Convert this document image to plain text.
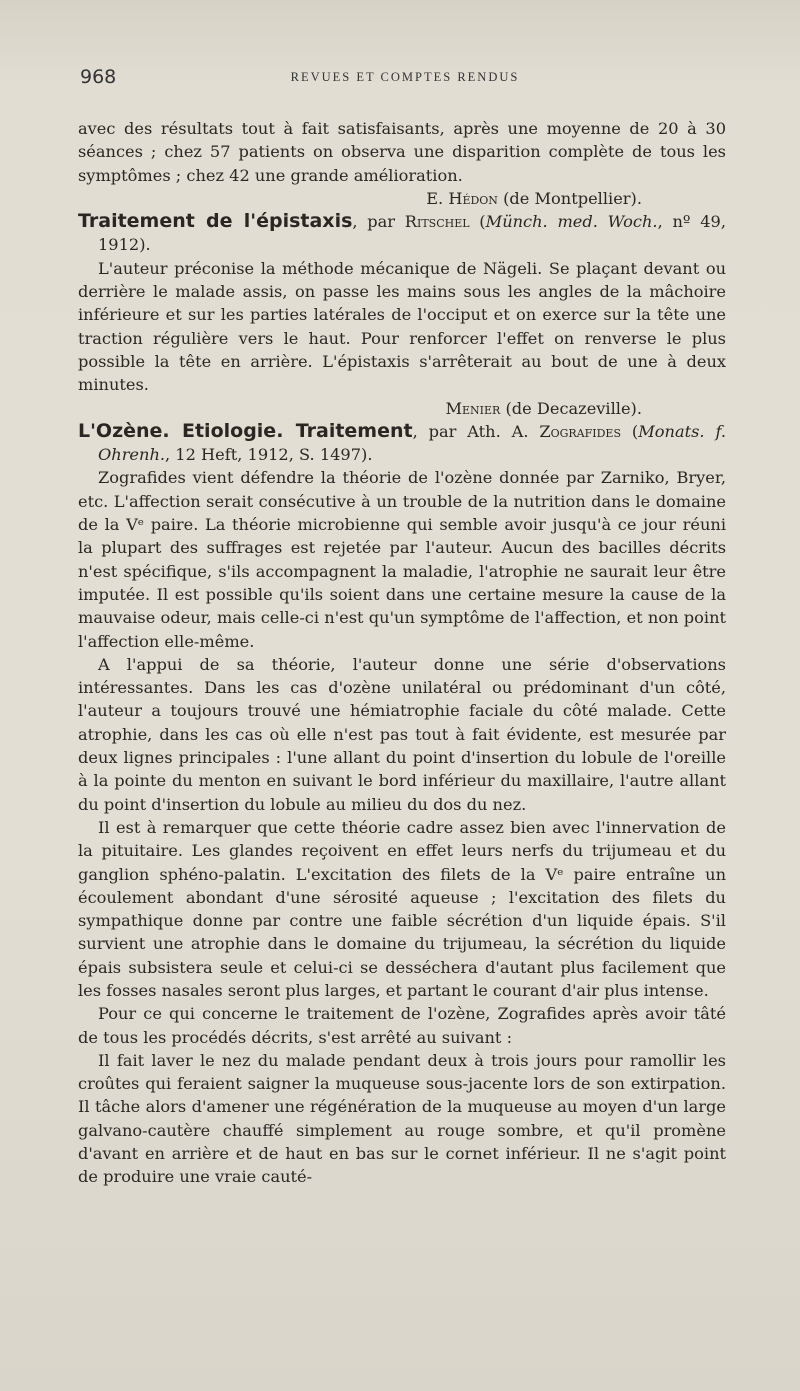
968	REVUES ET COMPTES RENDUS

avec des résultats tout à fait satisfaisants, après une moyenne de 20 à 30 séances ; chez 57 patients on observa une disparition complète de tous les symptômes ; chez 42 une grande amélioration.

E. Hédon (de Montpellier).

Traitement de l'épistaxis, par Ritschel (Münch. med. Woch., nº 49, 1912).

L'auteur préconise la méthode mécanique de Nägeli. Se plaçant devant ou derrière le malade assis, on passe les mains sous les angles de la mâchoire inférieure et sur les parties latérales de l'occiput et on exerce sur la tête une traction régulière vers le haut. Pour renforcer l'effet on renverse le plus possible la tête en arrière. L'épistaxis s'arrêterait au bout de une à deux minutes.

Menier (de Decazeville).

L'Ozène. Etiologie. Traitement, par Ath. A. Zografides (Monats. f. Ohrenh., 12 Heft, 1912, S. 1497).

Zografides vient défendre la théorie de l'ozène donnée par Zarniko, Bryer, etc. L'affection serait consécutive à un trouble de la nutrition dans le domaine de la Vᵉ paire. La théorie microbienne qui semble avoir jusqu'à ce jour réuni la plupart des suffrages est rejetée par l'auteur. Aucun des bacilles décrits n'est spécifique, s'ils accompagnent la maladie, l'atrophie ne saurait leur être imputée. Il est possible qu'ils soient dans une certaine mesure la cause de la mauvaise odeur, mais celle-ci n'est qu'un symptôme de l'affection, et non point l'affection elle-même.

A l'appui de sa théorie, l'auteur donne une série d'observations intéressantes. Dans les cas d'ozène unilatéral ou prédominant d'un côté, l'auteur a toujours trouvé une hémiatrophie faciale du côté malade. Cette atrophie, dans les cas où elle n'est pas tout à fait évidente, est mesurée par deux lignes principales : l'une allant du point d'insertion du lobule de l'oreille à la pointe du menton en suivant le bord inférieur du maxillaire, l'autre allant du point d'insertion du lobule au milieu du dos du nez.

Il est à remarquer que cette théorie cadre assez bien avec l'innervation de la pituitaire. Les glandes reçoivent en effet leurs nerfs du trijumeau et du ganglion sphéno-palatin. L'excitation des filets de la Vᵉ paire entraîne un écoulement abondant d'une sérosité aqueuse ; l'excitation des filets du sympathique donne par contre une faible sécrétion d'un liquide épais. S'il survient une atrophie dans le domaine du trijumeau, la sécrétion du liquide épais subsistera seule et celui-ci se desséchera d'autant plus facilement que les fosses nasales seront plus larges, et partant le courant d'air plus intense.

Pour ce qui concerne le traitement de l'ozène, Zografides après avoir tâté de tous les procédés décrits, s'est arrêté au suivant :

Il fait laver le nez du malade pendant deux à trois jours pour ramollir les croûtes qui feraient saigner la muqueuse sous-jacente lors de son extirpation. Il tâche alors d'amener une régénération de la muqueuse au moyen d'un large galvano-cautère chauffé simplement au rouge sombre, et qu'il promène d'avant en arrière et de haut en bas sur le cornet inférieur. Il ne s'agit point de produire une vraie cauté-
